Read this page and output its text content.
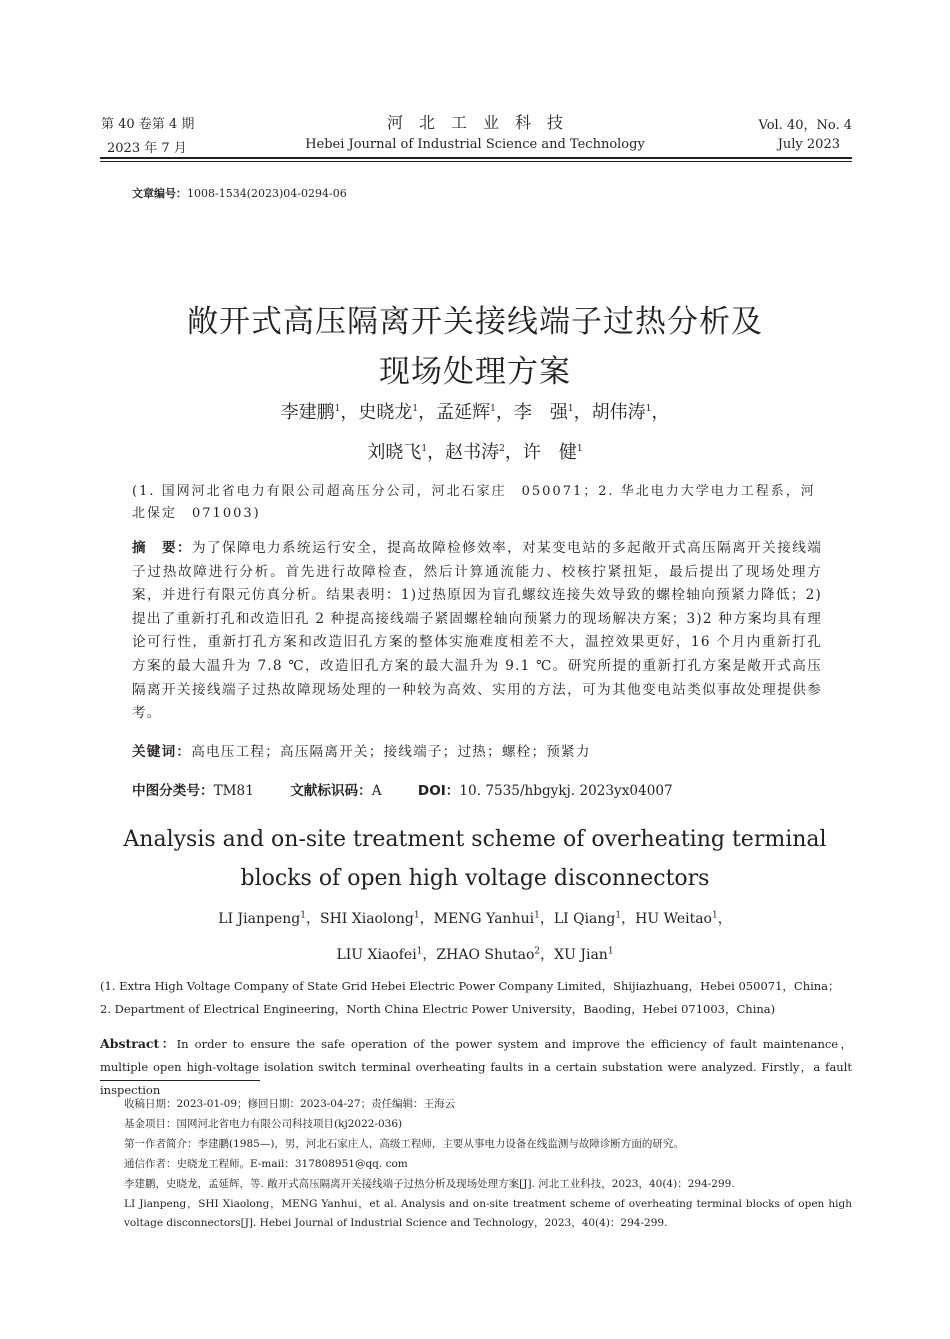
第 40 卷第 4 期
2023 年 7 月
河　北　工　业　科　技
Hebei Journal of Industrial Science and Technology
Vol. 40，No. 4
July 2023
文章编号：1008-1534(2023)04-0294-06
敞开式高压隔离开关接线端子过热分析及
现场处理方案
李建鹏$^1$，史晓龙$^1$，孟延辉$^1$，李　强$^1$，胡伟涛$^1$，
刘晓飞$^1$，赵书涛$^2$，许　健$^1$
(1. 国网河北省电力有限公司超高压分公司，河北石家庄　050071；2. 华北电力大学电力工程系，河北保定　071003)
摘　要：为了保障电力系统运行安全，提高故障检修效率，对某变电站的多起敞开式高压隔离开关接线端子过热故障进行分析。首先进行故障检查，然后计算通流能力、校核拧紧扭矩，最后提出了现场处理方案，并进行有限元仿真分析。结果表明：1)过热原因为盲孔螺纹连接失效导致的螺栓轴向预紧力降低；2)提出了重新打孔和改造旧孔 2 种提高接线端子紧固螺栓轴向预紧力的现场解决方案；3)2 种方案均具有理论可行性，重新打孔方案和改造旧孔方案的整体实施难度相差不大，温控效果更好，16 个月内重新打孔方案的最大温升为 7.8 ℃，改造旧孔方案的最大温升为 9.1 ℃。研究所提的重新打孔方案是敞开式高压隔离开关接线端子过热故障现场处理的一种较为高效、实用的方法，可为其他变电站类似事故处理提供参考。
关键词：高电压工程；高压隔离开关；接线端子；过热；螺栓；预紧力
中图分类号：TM81	文献标识码：A	DOI：10. 7535/hbgykj. 2023yx04007
Analysis and on-site treatment scheme of overheating terminal
blocks of open high voltage disconnectors
LI Jianpeng$^1$，SHI Xiaolong$^1$，MENG Yanhui$^1$，LI Qiang$^1$，HU Weitao$^1$，
LIU Xiaofei$^1$，ZHAO Shutao$^2$，XU Jian$^1$
(1. Extra High Voltage Company of State Grid Hebei Electric Power Company Limited，Shijiazhuang，Hebei 050071，China；
2. Department of Electrical Engineering，North China Electric Power University，Baoding，Hebei 071003，China)
Abstract：In order to ensure the safe operation of the power system and improve the efficiency of fault maintenance，multiple open high-voltage isolation switch terminal overheating faults in a certain substation were analyzed. Firstly，a fault inspection
收稿日期：2023-01-09；修回日期：2023-04-27；责任编辑：王海云
基金项目：国网河北省电力有限公司科技项目(kj2022-036)
第一作者简介：李建鹏(1985—)，男，河北石家庄人，高级工程师，主要从事电力设备在线监测与故障诊断方面的研究。
通信作者：史晓龙工程师。E-mail：317808951@qq. com
李建鹏，史晓龙，孟延辉，等. 敞开式高压隔离开关接线端子过热分析及现场处理方案[J]. 河北工业科技，2023，40(4)：294-299.
LI Jianpeng，SHI Xiaolong，MENG Yanhui，et al. Analysis and on-site treatment scheme of overheating terminal blocks of open high voltage disconnectors[J]. Hebei Journal of Industrial Science and Technology，2023，40(4)：294-299.
